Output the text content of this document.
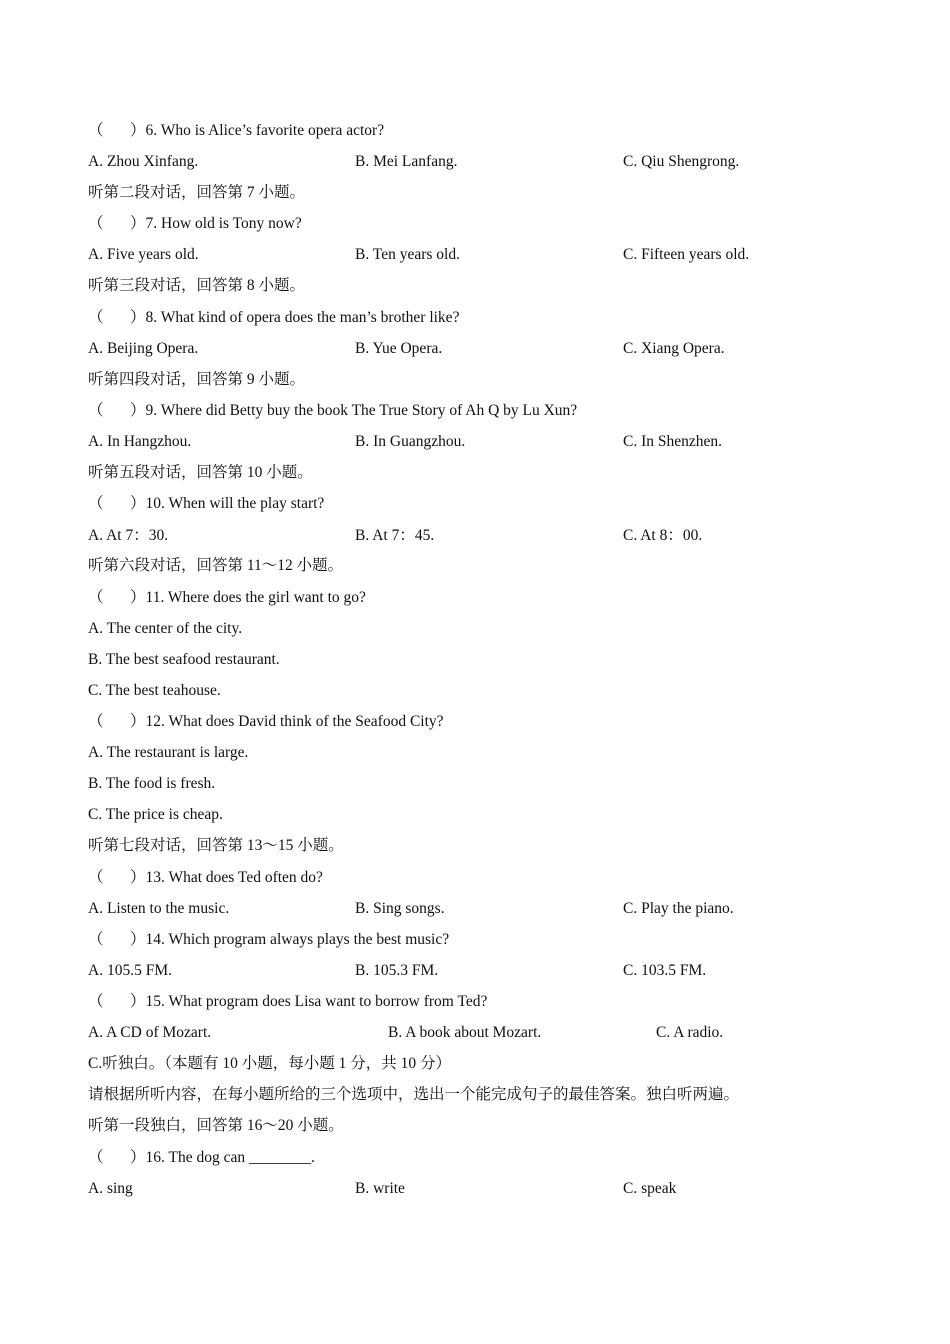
（ ）6. Who is Alice’s favorite opera actor?

A. Zhou Xinfang.

	B. Mei Lanfang.

	C. Qiu Shengrong.

听第二段对话，回答第 7 小题。
（ ）7. How old is Tony now?

A. Five years old.

	B. Ten years old.

	C. Fifteen years old.

听第三段对话，回答第 8 小题。
（ ）8. What kind of opera does the man’s brother like?

A. Beijing Opera.

	B. Yue Opera.

	C. Xiang Opera.

听第四段对话，回答第 9 小题。
（ ）9. Where did Betty buy the book The True Story of Ah Q by Lu Xun?

A. In Hangzhou.

	B. In Guangzhou.

	C. In Shenzhen.

听第五段对话，回答第 10 小题。
（ ）10. When will the play start?

A. At 7：30.

	B. At 7：45.

	C. At 8：00.

听第六段对话，回答第 11～12 小题。
（ ）11. Where does the girl want to go?
A. The center of the city.
B. The best seafood restaurant.
C. The best teahouse.
（ ）12. What does David think of the Seafood City?
A. The restaurant is large.
B. The food is fresh.
C. The price is cheap.
听第七段对话，回答第 13～15 小题。
（ ）13. What does Ted often do?

A. Listen to the music.

	B. Sing songs.

	C. Play the piano.

（ ）14. Which program always plays the best music?

A. 105.5 FM.

	B. 105.3 FM.

	C. 103.5 FM.

（ ）15. What program does Lisa want to borrow from Ted?

A. A CD of Mozart.

	B. A book about Mozart.

	C. A radio.

C.听独白。（本题有 10 小题，每小题 1 分，共 10 分）
请根据所听内容，在每小题所给的三个选项中，选出一个能完成句子的最佳答案。独白听两遍。
听第一段独白，回答第 16～20 小题。
（ ）16. The dog can ________.

A. sing

	B. write

	C. speak
